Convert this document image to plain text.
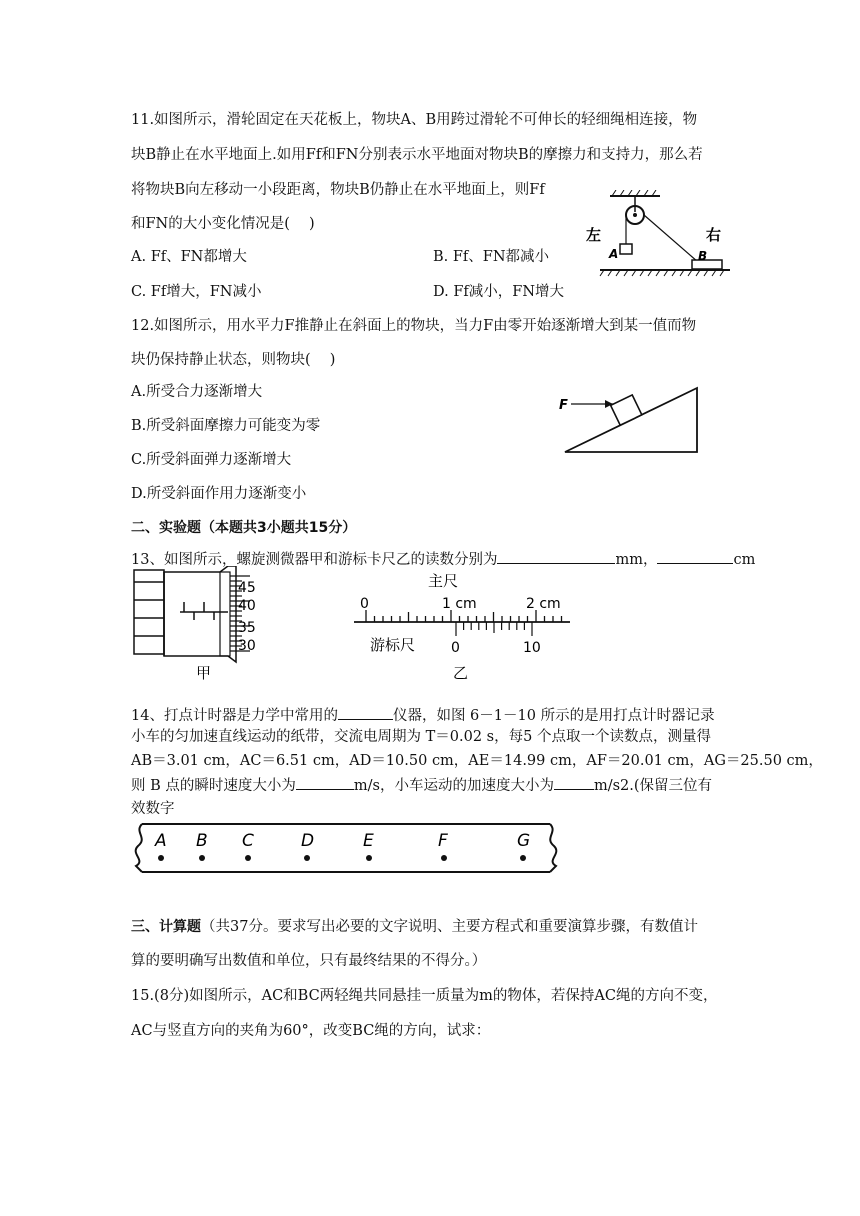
11.如图所示，滑轮固定在天花板上，物块A、B用跨过滑轮不可伸长的轻细绳相连接，物
块B静止在水平地面上.如用Ff和FN分别表示水平地面对物块B的摩擦力和支持力，那么若
将物块B向左移动一小段距离，物块B仍静止在水平地面上，则Ff
和FN的大小变化情况是(　 )
A. Ff、FN都增大	B. Ff、FN都减小
C. Ff增大，FN减小	D. Ff减小，FN增大
左	右
A	B
12.如图所示，用水平力F推静止在斜面上的物块，当力F由零开始逐渐增大到某一值而物
块仍保持静止状态，则物块(　 )
A.所受合力逐渐增大
B.所受斜面摩擦力可能变为零
C.所受斜面弹力逐渐增大
D.所受斜面作用力逐渐变小
F
二、实验题（本题共3小题共15分）
13、如图所示，螺旋测微器甲和游标卡尺乙的读数分别为	mm，	cm
45
40
35
30
甲
主尺
0	1 cm	2 cm
游标尺	0	10
乙
14、打点计时器是力学中常用的	仪器，如图 6－1－10 所示的是用打点计时器记录
小车的匀加速直线运动的纸带，交流电周期为 T＝0.02 s，每5 个点取一个读数点，测量得
AB＝3.01 cm，AC＝6.51 cm，AD＝10.50 cm，AE＝14.99 cm，AF＝20.01 cm，AG＝25.50 cm，
则 B 点的瞬时速度大小为	m/s，小车运动的加速度大小为	m/s2.(保留三位有
效数字
A B C	D	E	F	G
三、计算题（共37分。要求写出必要的文字说明、主要方程式和重要演算步骤，有数值计
算的要明确写出数值和单位，只有最终结果的不得分。）
15.(8分)如图所示，AC和BC两轻绳共同悬挂一质量为m的物体，若保持AC绳的方向不变，
AC与竖直方向的夹角为60°，改变BC绳的方向，试求：
